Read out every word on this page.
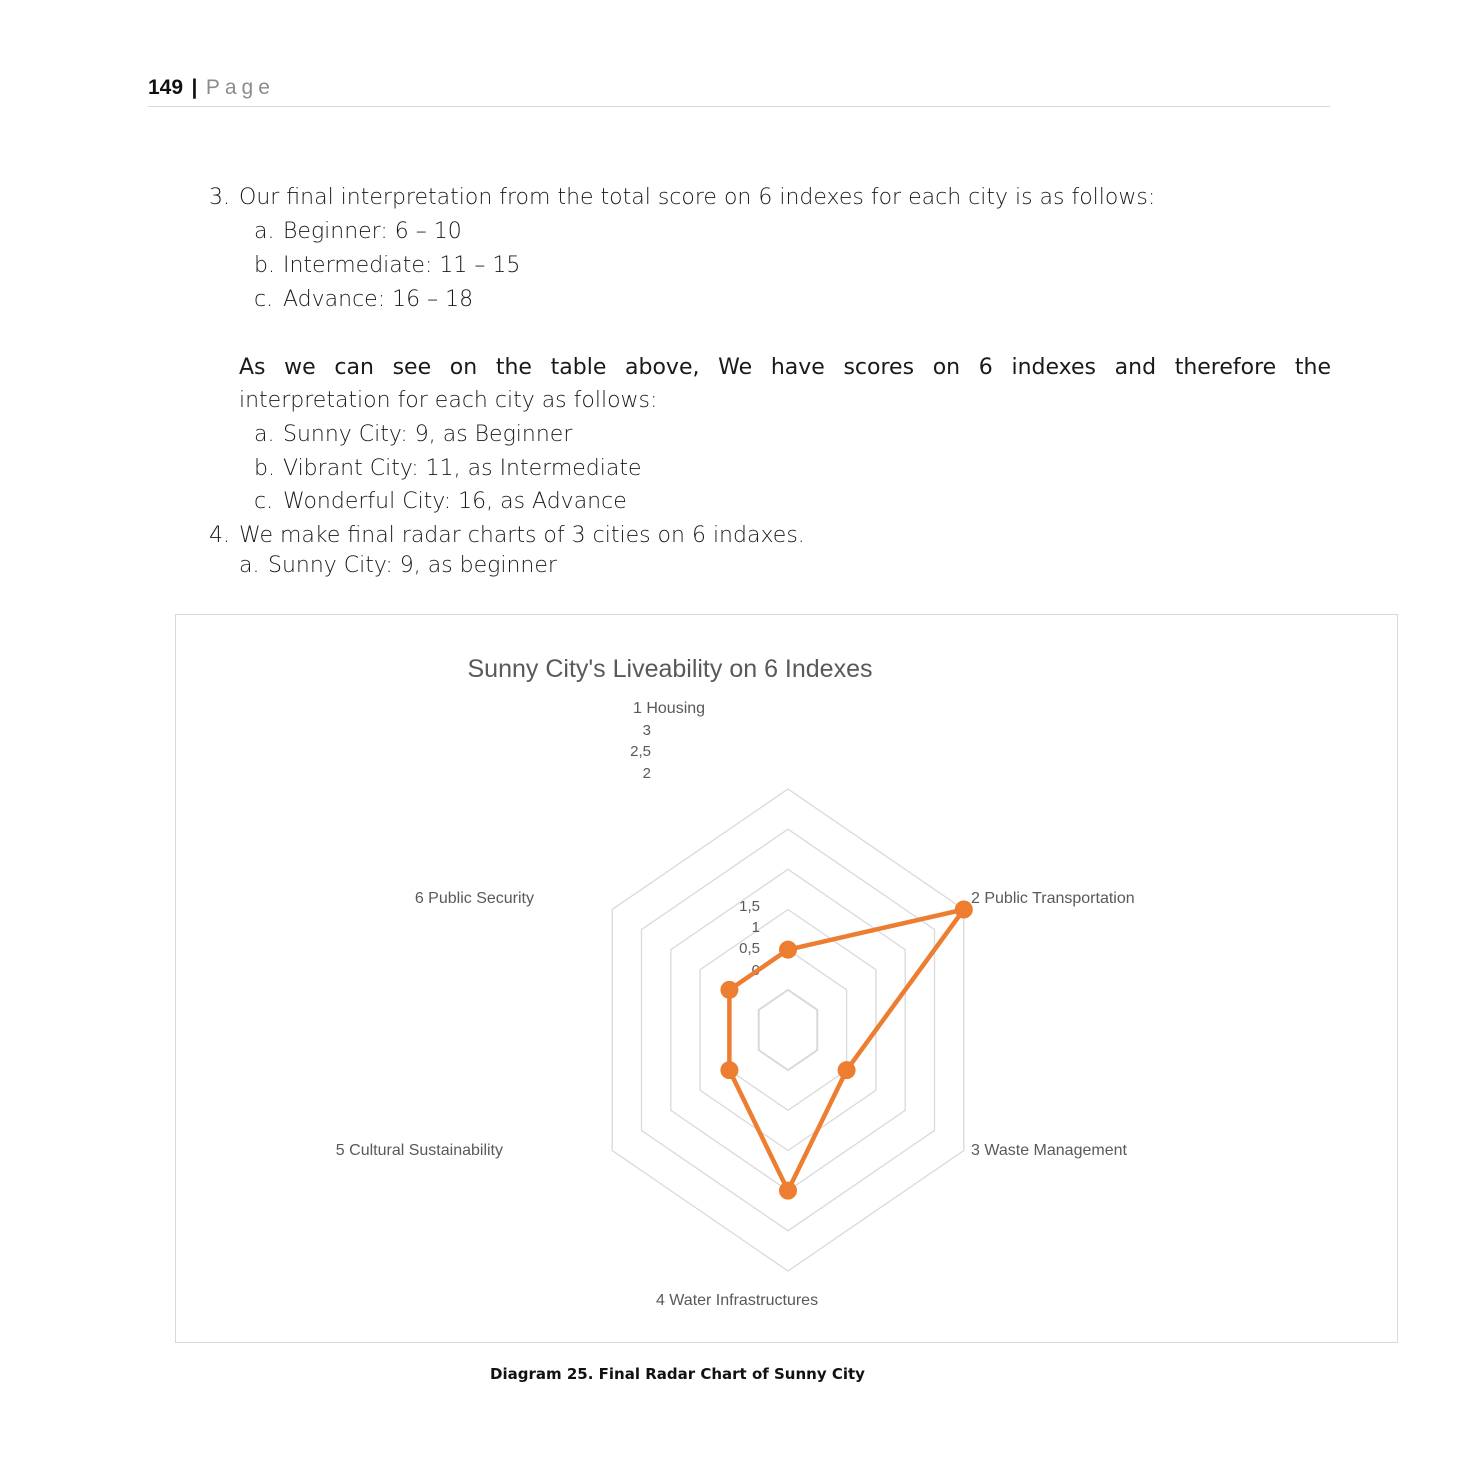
149 | Page
3. Our final interpretation from the total score on 6 indexes for each city is as follows:
a. Beginner: 6 – 10
b. Intermediate: 11 – 15
c. Advance: 16 – 18
As we can see on the table above, We have scores on 6 indexes and therefore the
interpretation for each city as follows:
a. Sunny City: 9, as Beginner
b. Vibrant City: 11, as Intermediate
c. Wonderful City: 16, as Advance
4. We make final radar charts of 3 cities on 6 indaxes.
a. Sunny City: 9, as beginner
Sunny City's Liveability on 6 Indexes
0
0,5
1
1,5
2
2,5
3
1 Housing
2 Public Transportation
3 Waste Management
4 Water Infrastructures
5 Cultural Sustainability
6 Public Security
Diagram 25. Final Radar Chart of Sunny City
